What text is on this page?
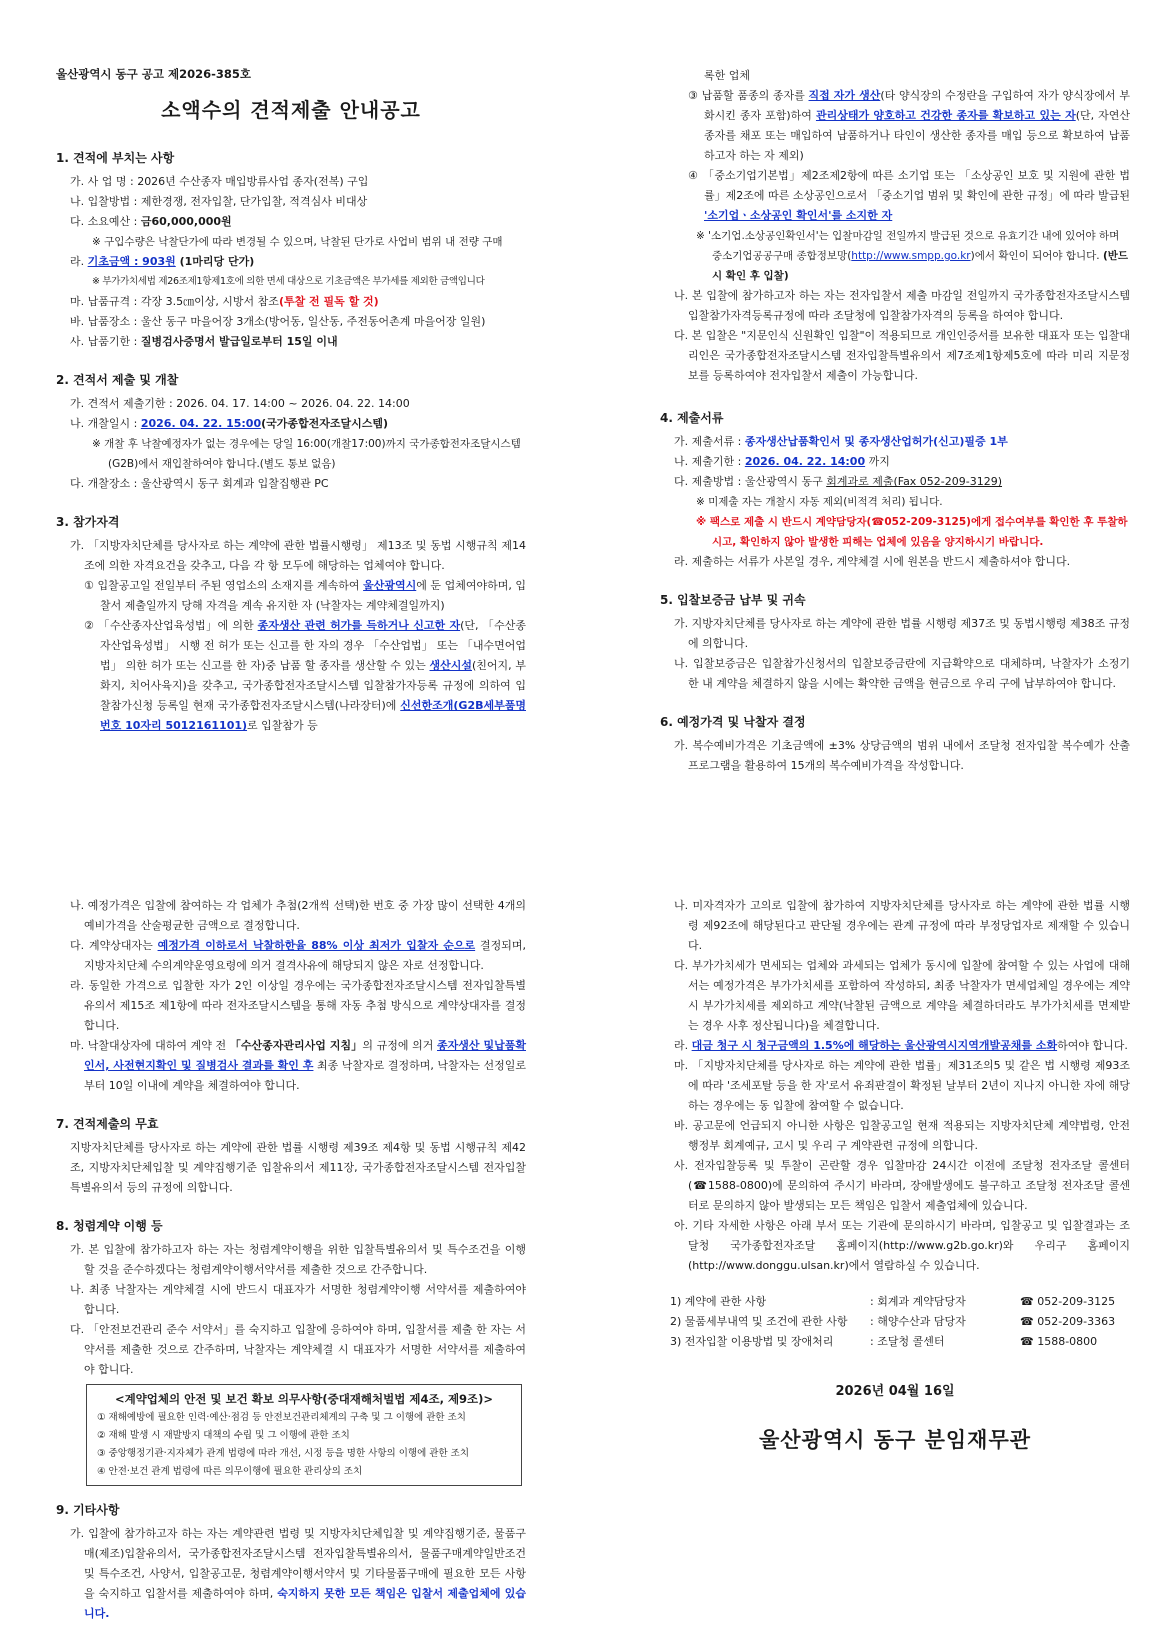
울산광역시 동구 공고 제2026-385호
소액수의 견적제출 안내공고
1. 견적에 부치는 사항
가. 사 업 명 : 2026년 수산종자 매입방류사업 종자(전복) 구입
나. 입찰방법 : 제한경쟁, 전자입찰, 단가입찰, 적격심사 비대상
다. 소요예산 : 금60,000,000원
※ 구입수량은 낙찰단가에 따라 변경될 수 있으며, 낙찰된 단가로 사업비 범위 내 전량 구매
라. 기초금액 : 903원 (1마리당 단가)
※ 부가가치세법 제26조제1항제1호에 의한 면세 대상으로 기초금액은 부가세를 제외한 금액입니다
마. 납품규격 : 각장 3.5㎝이상, 시방서 참조(투찰 전 필독 할 것)
바. 납품장소 : 울산 동구 마을어장 3개소(방어동, 일산동, 주전동어촌계 마을어장 일원)
사. 납품기한 : 질병검사증명서 발급일로부터 15일 이내
2. 견적서 제출 및 개찰
가. 견적서 제출기한 : 2026. 04. 17. 14:00 ~ 2026. 04. 22. 14:00
나. 개찰일시 : 2026. 04. 22. 15:00(국가종합전자조달시스템)
※ 개찰 후 낙찰예정자가 없는 경우에는 당일 16:00(개찰17:00)까지 국가종합전자조달시스템(G2B)에서 재입찰하여야 합니다.(별도 통보 없음)
다. 개찰장소 : 울산광역시 동구 회계과 입찰집행관 PC
3. 참가자격
가. 「지방자치단체를 당사자로 하는 계약에 관한 법률시행령」 제13조 및 동법 시행규칙 제14조에 의한 자격요건을 갖추고, 다음 각 항 모두에 해당하는 업체여야 합니다.
① 입찰공고일 전일부터 주된 영업소의 소재지를 계속하여 울산광역시에 둔 업체여야하며, 입찰서 제출일까지 당해 자격을 계속 유지한 자 (낙찰자는 계약체결일까지)
② 「수산종자산업육성법」에 의한 종자생산 관련 허가를 득하거나 신고한 자(단, 「수산종자산업육성법」 시행 전 허가 또는 신고를 한 자의 경우 「수산업법」 또는 「내수면어업법」 의한 허가 또는 신고를 한 자)중 납품 할 종자를 생산할 수 있는 생산시설(친어지, 부화지, 치어사육지)을 갖추고, 국가종합전자조달시스템 입찰참가자등록 규정에 의하여 입찰참가신청 등록일 현재 국가종합전자조달시스템(나라장터)에 신선한조개(G2B세부품명번호 10자리 5012161101)로 입찰참가 등
록한 업체
③ 납품할 품종의 종자를 직접 자가 생산(타 양식장의 수정란을 구입하여 자가 양식장에서 부화시킨 종자 포함)하여 관리상태가 양호하고 건강한 종자를 확보하고 있는 자(단, 자연산 종자를 채포 또는 매입하여 납품하거나 타인이 생산한 종자를 매입 등으로 확보하여 납품하고자 하는 자 제외)
④ 「중소기업기본법」제2조제2항에 따른 소기업 또는 「소상공인 보호 및 지원에 관한 법률」제2조에 따른 소상공인으로서 「중소기업 범위 및 확인에 관한 규정」에 따라 발급된 '소기업ㆍ소상공인 확인서'를 소지한 자
※ '소기업.소상공인확인서'는 입찰마감일 전일까지 발급된 것으로 유효기간 내에 있어야 하며 중소기업공공구매 종합정보망(http://www.smpp.go.kr)에서 확인이 되어야 합니다. (반드시 확인 후 입찰)
나. 본 입찰에 참가하고자 하는 자는 전자입찰서 제출 마감일 전일까지 국가종합전자조달시스템 입찰참가자격등록규정에 따라 조달청에 입찰참가자격의 등록을 하여야 합니다.
다. 본 입찰은 "지문인식 신원확인 입찰"이 적용되므로 개인인증서를 보유한 대표자 또는 입찰대리인은 국가종합전자조달시스템 전자입찰특별유의서 제7조제1항제5호에 따라 미리 지문정보를 등록하여야 전자입찰서 제출이 가능합니다.
4. 제출서류
가. 제출서류 : 종자생산납품확인서 및 종자생산업허가(신고)필증 1부
나. 제출기한 : 2026. 04. 22. 14:00 까지
다. 제출방법 : 울산광역시 동구 회계과로 제출(Fax 052-209-3129)
※ 미제출 자는 개찰시 자동 제외(비적격 처리) 됩니다.
※ 팩스로 제출 시 반드시 계약담당자(☎052-209-3125)에게 접수여부를 확인한 후 투찰하시고, 확인하지 않아 발생한 피해는 업체에 있음을 양지하시기 바랍니다.
라. 제출하는 서류가 사본일 경우, 계약체결 시에 원본을 반드시 제출하셔야 합니다.
5. 입찰보증금 납부 및 귀속
가. 지방자치단체를 당사자로 하는 계약에 관한 법률 시행령 제37조 및 동법시행령 제38조 규정에 의합니다.
나. 입찰보증금은 입찰참가신청서의 입찰보증금란에 지급확약으로 대체하며, 낙찰자가 소정기한 내 계약을 체결하지 않을 시에는 확약한 금액을 현금으로 우리 구에 납부하여야 합니다.
6. 예정가격 및 낙찰자 결정
가. 복수예비가격은 기초금액에 ±3% 상당금액의 범위 내에서 조달청 전자입찰 복수예가 산출 프로그램을 활용하여 15개의 복수예비가격을 작성합니다.
나. 예정가격은 입찰에 참여하는 각 업체가 추첨(2개씩 선택)한 번호 중 가장 많이 선택한 4개의 예비가격을 산술평균한 금액으로 결정합니다.
다. 계약상대자는 예정가격 이하로서 낙찰하한율 88% 이상 최저가 입찰자 순으로 결정되며, 지방자치단체 수의계약운영요령에 의거 결격사유에 해당되지 않은 자로 선정합니다.
라. 동일한 가격으로 입찰한 자가 2인 이상일 경우에는 국가종합전자조달시스템 전자입찰특별유의서 제15조 제1항에 따라 전자조달시스템을 통해 자동 추첨 방식으로 계약상대자를 결정합니다.
마. 낙찰대상자에 대하여 계약 전 「수산종자관리사업 지침」의 규정에 의거 종자생산 및납품확인서, 사전현지확인 및 질병검사 결과를 확인 후 최종 낙찰자로 결정하며, 낙찰자는 선정일로부터 10일 이내에 계약을 체결하여야 합니다.
7. 견적제출의 무효
지방자치단체를 당사자로 하는 계약에 관한 법률 시행령 제39조 제4항 및 동법 시행규칙 제42조, 지방자치단체입찰 및 계약집행기준 입찰유의서 제11장, 국가종합전자조달시스템 전자입찰특별유의서 등의 규정에 의합니다.
8. 청렴계약 이행 등
가. 본 입찰에 참가하고자 하는 자는 청렴계약이행을 위한 입찰특별유의서 및 특수조건을 이행할 것을 준수하겠다는 청렴계약이행서약서를 제출한 것으로 간주합니다.
나. 최종 낙찰자는 계약체결 시에 반드시 대표자가 서명한 청렴계약이행 서약서를 제출하여야 합니다.
다. 「안전보건관리 준수 서약서」를 숙지하고 입찰에 응하여야 하며, 입찰서를 제출 한 자는 서약서를 제출한 것으로 간주하며, 낙찰자는 계약체결 시 대표자가 서명한 서약서를 제출하여야 합니다.
<계약업체의 안전 및 보건 확보 의무사항(중대재해처벌법 제4조, 제9조)>
① 재해예방에 필요한 인력·예산·점검 등 안전보건관리체계의 구축 및 그 이행에 관한 조치
② 재해 발생 시 재발방지 대책의 수립 및 그 이행에 관한 조치
③ 중앙행정기관·지자체가 관계 법령에 따라 개선, 시정 등을 명한 사항의 이행에 관한 조치
④ 안전·보건 관계 법령에 따른 의무이행에 필요한 관리상의 조치
9. 기타사항
가. 입찰에 참가하고자 하는 자는 계약관련 법령 및 지방자치단체입찰 및 계약집행기준, 물품구매(제조)입찰유의서, 국가종합전자조달시스템 전자입찰특별유의서, 물품구매계약일반조건 및 특수조건, 사양서, 입찰공고문, 청렴계약이행서약서 및 기타물품구매에 필요한 모든 사항을 숙지하고 입찰서를 제출하여야 하며, 숙지하지 못한 모든 책임은 입찰서 제출업체에 있습니다.
나. 미자격자가 고의로 입찰에 참가하여 지방자치단체를 당사자로 하는 계약에 관한 법률 시행령 제92조에 해당된다고 판단될 경우에는 관계 규정에 따라 부정당업자로 제재할 수 있습니다.
다. 부가가치세가 면세되는 업체와 과세되는 업체가 동시에 입찰에 참여할 수 있는 사업에 대해서는 예정가격은 부가가치세를 포함하여 작성하되, 최종 낙찰자가 면세업체일 경우에는 계약 시 부가가치세를 제외하고 계약(낙찰된 금액으로 계약을 체결하더라도 부가가치세를 면제받는 경우 사후 정산됩니다)을 체결합니다.
라. 대금 청구 시 청구금액의 1.5%에 해당하는 울산광역시지역개발공채를 소화하여야 합니다.
마. 「지방자치단체를 당사자로 하는 계약에 관한 법률」제31조의5 및 같은 법 시행령 제93조에 따라 '조세포탈 등을 한 자'로서 유죄판결이 확정된 날부터 2년이 지나지 아니한 자에 해당하는 경우에는 동 입찰에 참여할 수 없습니다.
바. 공고문에 언급되지 아니한 사항은 입찰공고일 현재 적용되는 지방자치단체 계약법령, 안전행정부 회계예규, 고시 및 우리 구 계약관련 규정에 의합니다.
사. 전자입찰등록 및 투찰이 곤란할 경우 입찰마감 24시간 이전에 조달청 전자조달 콜센터(☎1588-0800)에 문의하여 주시기 바라며, 장애발생에도 불구하고 조달청 전자조달 콜센터로 문의하지 않아 발생되는 모든 책임은 입찰서 제출업체에 있습니다.
아. 기타 자세한 사항은 아래 부서 또는 기관에 문의하시기 바라며, 입찰공고 및 입찰결과는 조달청 국가종합전자조달 홈페이지(http://www.g2b.go.kr)와 우리구 홈페이지(http://www.donggu.ulsan.kr)에서 열람하실 수 있습니다.
1) 계약에 관한 사항	: 회계과 계약담당자	☎ 052-209-3125
2) 물품세부내역 및 조건에 관한 사항	: 해양수산과 담당자	☎ 052-209-3363
3) 전자입찰 이용방법 및 장애처리	: 조달청 콜센터	☎ 1588-0800
2026년 04월 16일
울산광역시 동구 분임재무관
